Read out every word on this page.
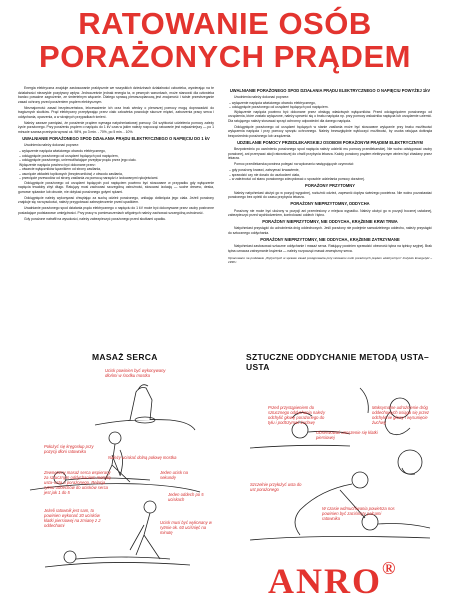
RATOWANIE OSÓB
PORAŻONYCH PRĄDEM

Energia elektryczna znajduje zastosowanie praktycznie we wszystkich dziedzinach działalności człowieka, wywierając na te działalności niezwykle pozytywny wpływ. Jednocześnie jednak energia ta, w pewnych warunkach, może stanowić dla człowieka bardzo poważne zagrożenie, ze śmiertelnym włącznie. Dlatego sprawą pierwszoplanową jest znajomość i ścisłe przestrzeganie zasad ochrony przed porażeniem prądem elektrycznym.

Nieznajomość zasad bezpieczeństwa, lekceważenie ich oraz brak wiedzy o pierwszej pomocy mogą doprowadzić do tragicznych skutków. Prąd elektryczny przepływając przez ciało człowieka powoduje skurcze mięśni, zaburzenia pracy serca i oddychania, oparzenia, a w skrajnych przypadkach śmierć.

Należy zawsze pamiętać, że porażenie prądem wymaga natychmiastowej pomocy. Od szybkości udzielenia pomocy zależy życie porażonego. Przy porażeniu prądem o napięciu do 1 kV czas w jakim należy rozpocząć ratowanie jest najważniejszy — po 1 minucie szansa przeżycia wynosi ok. 98%, po 3 min. - 70%, po 5 min. - 10%.

UWALNIANIE PORAŻONEGO SPOD DZIAŁANIA PRĄDU ELEKTRYCZNEGO O NAPIĘCIU DO 1 kV

Uwolnienia należy dokonać poprzez:

– wyłączenie napięcia właściwego obwodu elektrycznego,
– odciągnięcie porażonego od urządzeń będących pod napięciem,
– odciągnięcie porażonego, uniemożliwiające przepływ prądu przez jego ciało.
Wyłączenie napięcia powinno być dokonane przez:
– otwarcie wyłączników łącznikiem od strony zasilania,
– usunięcie wkładek topikowych (bezpieczników) z obwodu zasilania,
– przecięcie przewodów od strony zasilania za pomocą narzędzi z izolowanymi rękojeściami.

Odciągnięcie porażonego od urządzeń będących pod napięciem powinno być stosowane w przypadku gdy wyłączenie napięcia trwałoby zbyt długo. Ratujący musi zachować szczególną ostrożność, stosować izolację — suche drewno, deska, gumowe rękawice lub obuwie, nie dotykać porażonego gołymi rękami.

Odciągnięcie należy wykonywać chwytając za suchą odzież porażonego, unikając dotknięcia jego ciała. Jeżeli porażony znajduje się na wysokości, należy przygotować zabezpieczenie przed upadkiem.

Uwalnianie porażonego spod działania prądu elektrycznego o napięciu do 1 kV może być dokonywane przez osoby postronne posiadające podstawowe umiejętności. Przy pracy w pomieszczeniach wilgotnych należy zachować szczególną ostrożność.

Gdy porażone natrafił na wysokości, należy zabezpieczyć porażonego przed skutkami upadku.

UWALNIANIE PORAŻONEGO SPOD DZIAŁANIA PRĄDU ELEKTRYCZNEGO O NAPIĘCIU POWYŻEJ 1kV

Uwolnienia należy dokonać poprzez:

– wyłączenie napięcia właściwego obwodu elektrycznego,
– odciągnięcie porażonego od urządzeń będących pod napięciem.

Wyłączenie napięcia powinno być dokonane przez obsługę właściwych wyłączników. Przed odciągnięciem porażonego od urządzenia, które zostało wyłączone, należy upewnić się o braku napięcia np. przy pomocy wskaźnika napięcia lub urządzenie uziemić. Dla ratującego należy stosować sprzęt ochronny odpowiedni dla danego napięcia.

Odciągnięcie porażonego od urządzeń będących w stanie zasilania może być stosowane wyłącznie przy braku możliwości wyłączenia napięcia i przy pomocy sprzętu ochronnego. Należy bezwzględnie wykluczyć możliwość, by osoba ratująca dotknęła bezpośrednio porażonego lub urządzenia.

UDZIELANIE POMOCY PRZEDLEKARSKIEJ OSOBOM PORAŻONYM PRĄDEM ELEKTRYCZNYM

Bezpośrednio po uwolnieniu porażonego spod napięcia należy udzielić mu pomocy przedlekarskiej. Nie wolno odstępować osoby porażonej, ani przerywać akcji ratowniczej do chwili przybycia lekarza. Każdy porażony prądem elektrycznym winien być zbadany przez lekarza.

Pomoc przedlekarska powinna polegać na wykonaniu następujących czynności:

– gdy porażony krwawi, zatrzymać krwawienie,
– sprawdzić czy nie doszło do uszkodzeń ciała,
– w zależności od stanu porażonego zdecydować o sposobie udzielania pomocy doraźnej.
PORAŻONY PRZYTOMNY

Należy natychmiast ułożyć go w pozycji wygodnej, rozluźnić odzież, zapewnić dopływ świeżego powietrza. Nie wolno pozostawiać porażonego bez opieki do czasu przybycia lekarza.

PORAŻONY NIEPRZYTOMNY, ODDYCHA

Porażony nie może być ułożony w pozycji ani przeniesiony z miejsca wypadku. Należy ułożyć go w pozycji bocznej ustalonej, zabezpieczyć przed wychłodzeniem, kontrolować oddech i tętno.

PORAŻONY NIEPRZYTOMNY, NIE ODDYCHA, KRĄŻENIE KRWI TRWA

Natychmiast przystąpić do udrożnienia dróg oddechowych. Jeśli porażony nie podejmie samodzielnego oddechu, należy przystąpić do sztucznego oddychania.

PORAŻONY NIEPRZYTOMNY, NIE ODDYCHA, KRĄŻENIE ZATRZYMANE

Natychmiast zastosować sztuczne oddychanie i masaż serca. Ratujący powinien sprawdzić obecność tętna na tętnicy szyjnej. Brak tętna oznacza zatrzymanie krążenia — należy rozpocząć masaż zewnętrzny serca.

Opracowano na podstawie „Wytycznych w sprawie zasad postępowania przy ratowaniu osób porażonych prądem elektrycznym” Instytutu Energetyki – 1998 r.
MASAŻ SERCA	SZTUCZNE ODDYCHANIE METODĄ USTA–USTA
Ucisk powinien być wykonywany dłońmi w środku mostka
Położyć się kręgosłup przy pozycji dłoni ratownika
Należy uciskać dolną połowę mostka
Zewnętrzny masaż serca wspierany za sztucznym oddychaniem metodą usta–usta u porażonego. Relacja rytmu oddechów do ucisków serca jest jak 1 do 5
Jeden ucisk na sekundę
Jeden oddech po 5 uciskach
Ucisk musi być wykonany w rytmie ok. 60 uciśnięć na minutę
Jeżeli ratownik jest sam, to powinien wykonać 30 ucisków klatki piersiowej na zmianę z 2 oddechami
Przed przystąpieniem do sztucznego oddychania należy odchylić głowę porażonego do tyłu i podtrzymać żuchwę
Maksymalne udrożnienie dróg oddechowych osiąga się przez odchylenie głowy i wysunięcie żuchwy
Obserwować unoszenie się klatki piersiowej
Szczelnie przyłożyć usta do ust porażonego
W czasie wdmuchiwania powietrza nos powinien być zaciśnięty palcami ratownika
ANRO®
